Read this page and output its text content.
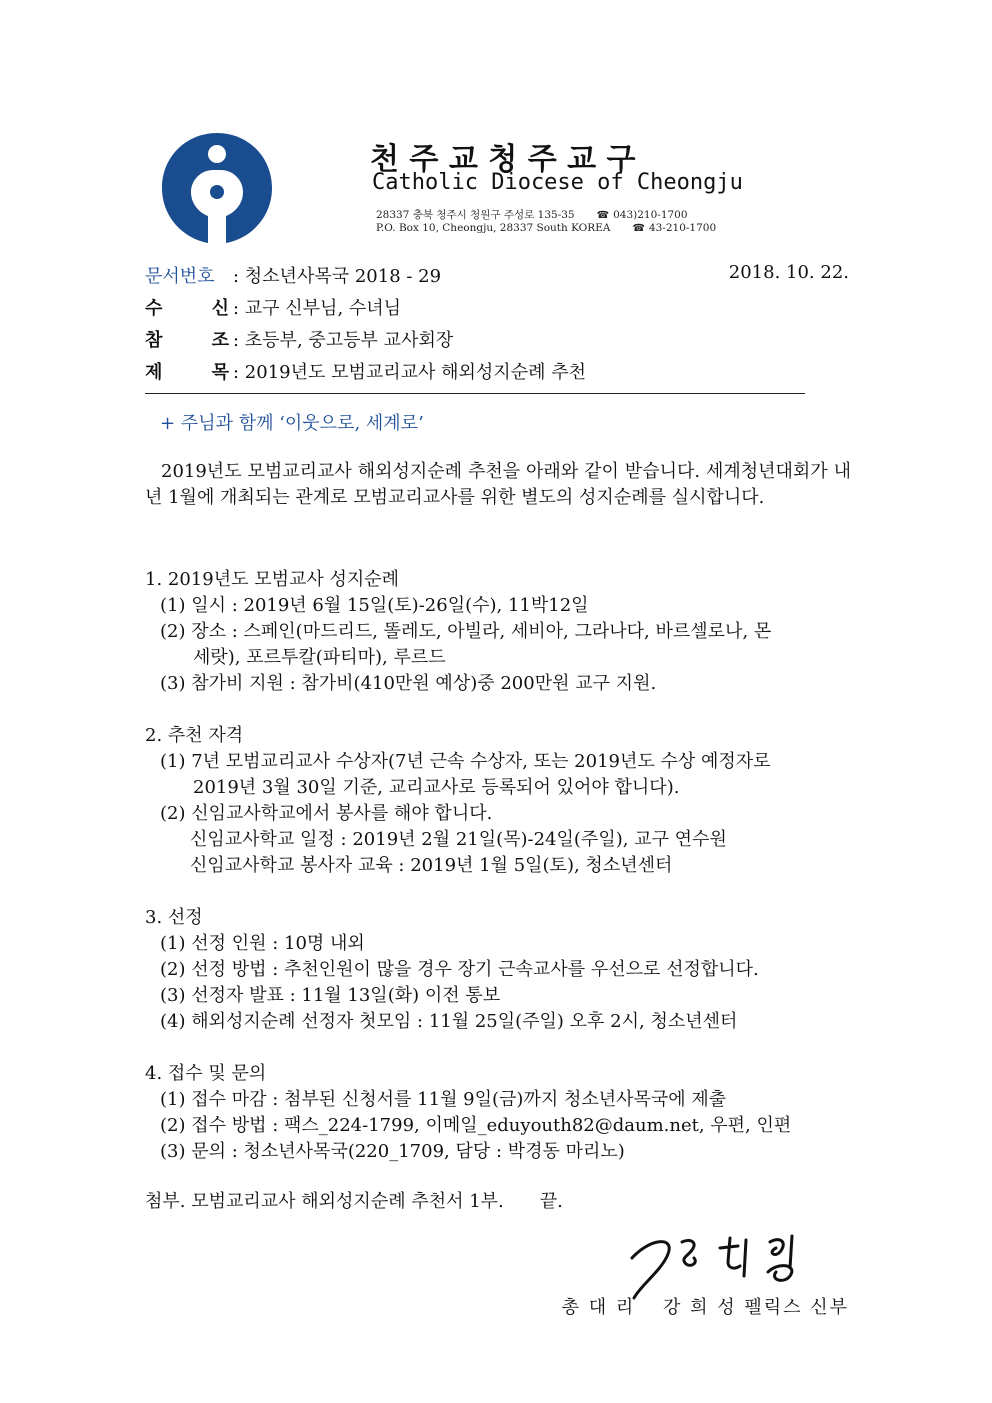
천 주 교 청 주 교 구
Catholic Diocese of Cheongju
28337 충북 청주시 청원구 주성로 135-35 ☎ 043)210-1700
P.O. Box 10, Cheongju, 28337 South KOREA ☎ 43-210-1700
문서번호 : 청소년사목국 2018 - 29	2018. 10. 22.
수 신 : 교구 신부님, 수녀님
참 조 : 초등부, 중고등부 교사회장
제 목 : 2019년도 모범교리교사 해외성지순례 추천
+ 주님과 함께 ‘이웃으로, 세계로’
2019년도 모범교리교사 해외성지순례 추천을 아래와 같이 받습니다. 세계청년대회가 내년 1월에 개최되는 관계로 모범교리교사를 위한 별도의 성지순례를 실시합니다.
1. 2019년도 모범교사 성지순례
(1) 일시 : 2019년 6월 15일(토)-26일(수), 11박12일
(2) 장소 : 스페인(마드리드, 똘레도, 아빌라, 세비아, 그라나다, 바르셀로나, 몬
세랏), 포르투칼(파티마), 루르드
(3) 참가비 지원 : 참가비(410만원 예상)중 200만원 교구 지원.
2. 추천 자격
(1) 7년 모범교리교사 수상자(7년 근속 수상자, 또는 2019년도 수상 예정자로
2019년 3월 30일 기준, 교리교사로 등록되어 있어야 합니다).
(2) 신임교사학교에서 봉사를 해야 합니다.
신임교사학교 일정 : 2019년 2월 21일(목)-24일(주일), 교구 연수원
신임교사학교 봉사자 교육 : 2019년 1월 5일(토), 청소년센터
3. 선정
(1) 선정 인원 : 10명 내외
(2) 선정 방법 : 추천인원이 많을 경우 장기 근속교사를 우선으로 선정합니다.
(3) 선정자 발표 : 11월 13일(화) 이전 통보
(4) 해외성지순례 선정자 첫모임 : 11월 25일(주일) 오후 2시, 청소년센터
4. 접수 및 문의
(1) 접수 마감 : 첨부된 신청서를 11월 9일(금)까지 청소년사목국에 제출
(2) 접수 방법 : 팩스_224-1799, 이메일_eduyouth82@daum.net, 우편, 인편
(3) 문의 : 청소년사목국(220_1709, 담당 : 박경동 마리노)
첨부. 모범교리교사 해외성지순례 추천서 1부.　　끝.
총 대 리　 강 희 성 펠릭스 신부
